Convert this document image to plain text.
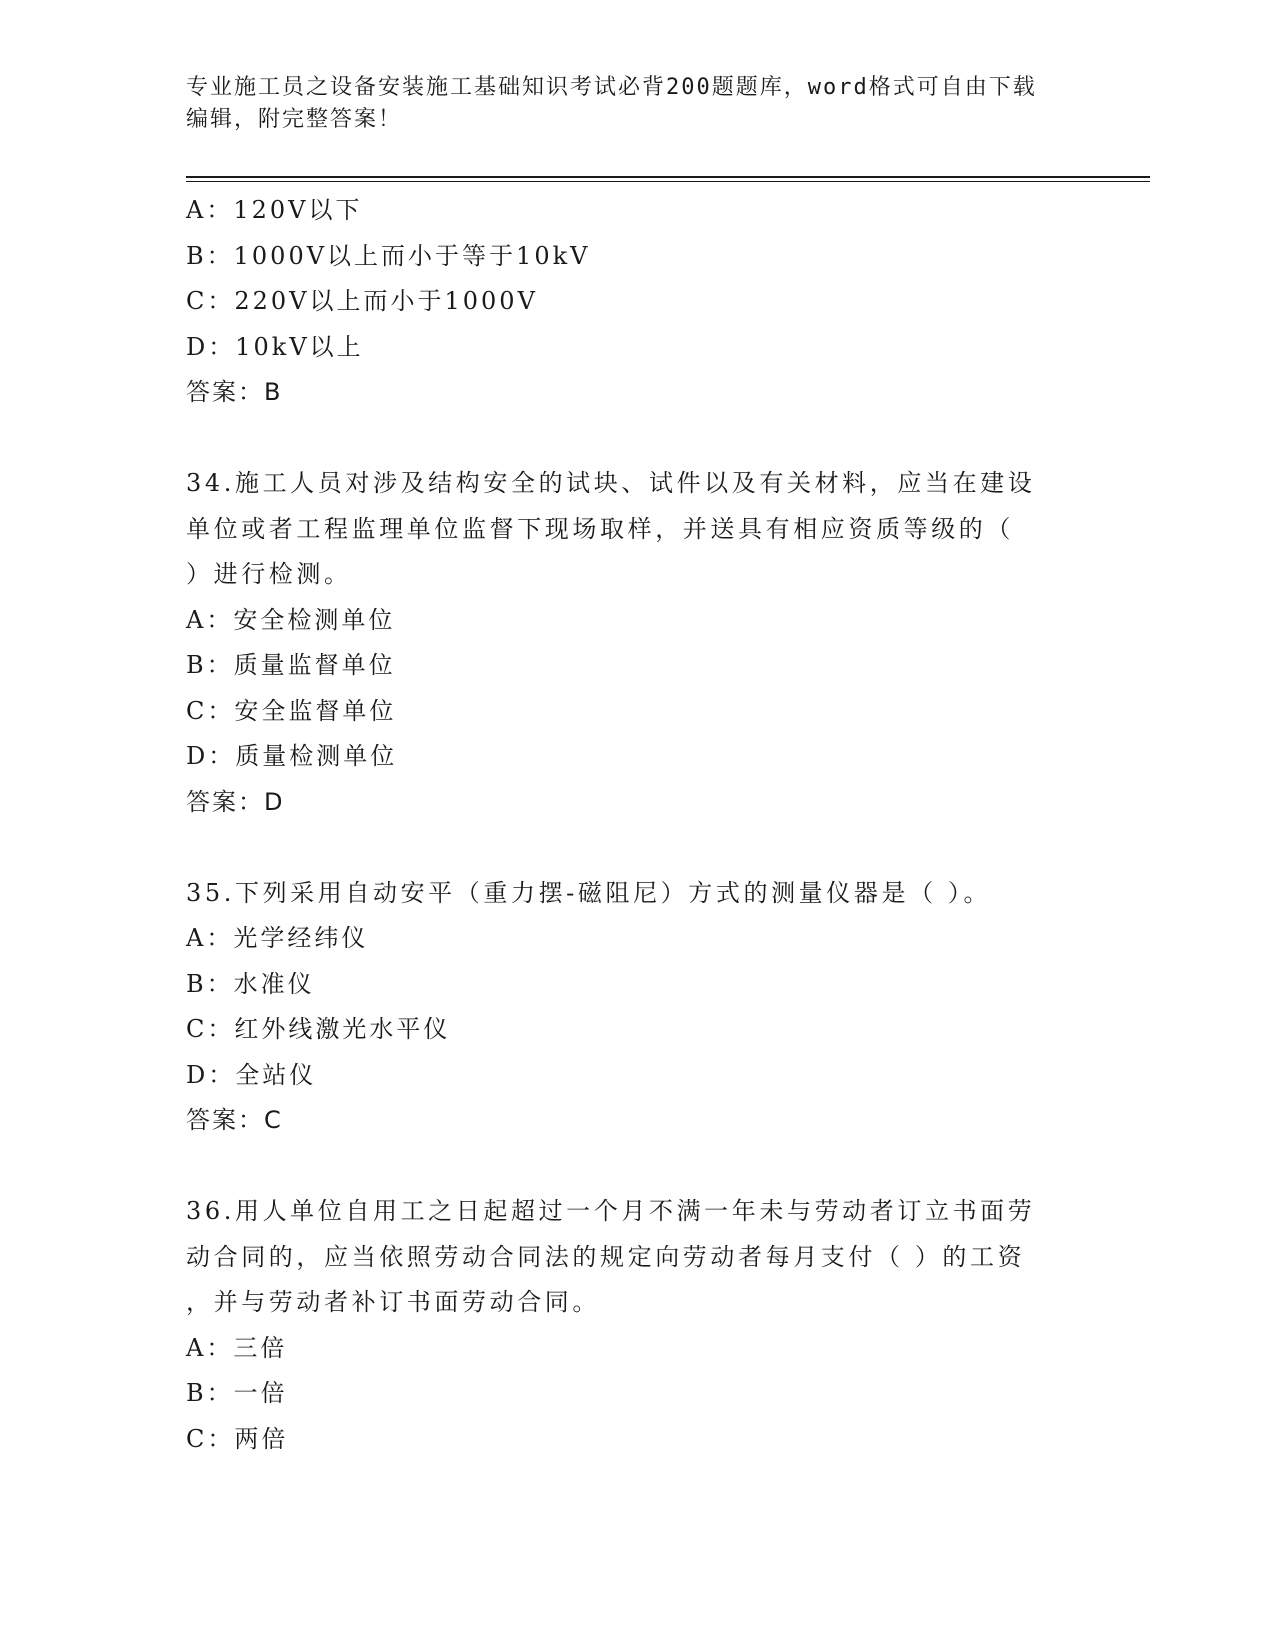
专业施工员之设备安装施工基础知识考试必背200题题库，word格式可自由下载
编辑，附完整答案！
A：120V以下
B：1000V以上而小于等于10kV
C：220V以上而小于1000V
D：10kV以上
答案：B
34.施工人员对涉及结构安全的试块、试件以及有关材料，应当在建设
单位或者工程监理单位监督下现场取样，并送具有相应资质等级的（
）进行检测。
A：安全检测单位
B：质量监督单位
C：安全监督单位
D：质量检测单位
答案：D
35.下列采用自动安平（重力摆-磁阻尼）方式的测量仪器是（ ）。
A：光学经纬仪
B：水准仪
C：红外线激光水平仪
D：全站仪
答案：C
36.用人单位自用工之日起超过一个月不满一年未与劳动者订立书面劳
动合同的，应当依照劳动合同法的规定向劳动者每月支付（ ）的工资
，并与劳动者补订书面劳动合同。
A：三倍
B：一倍
C：两倍
